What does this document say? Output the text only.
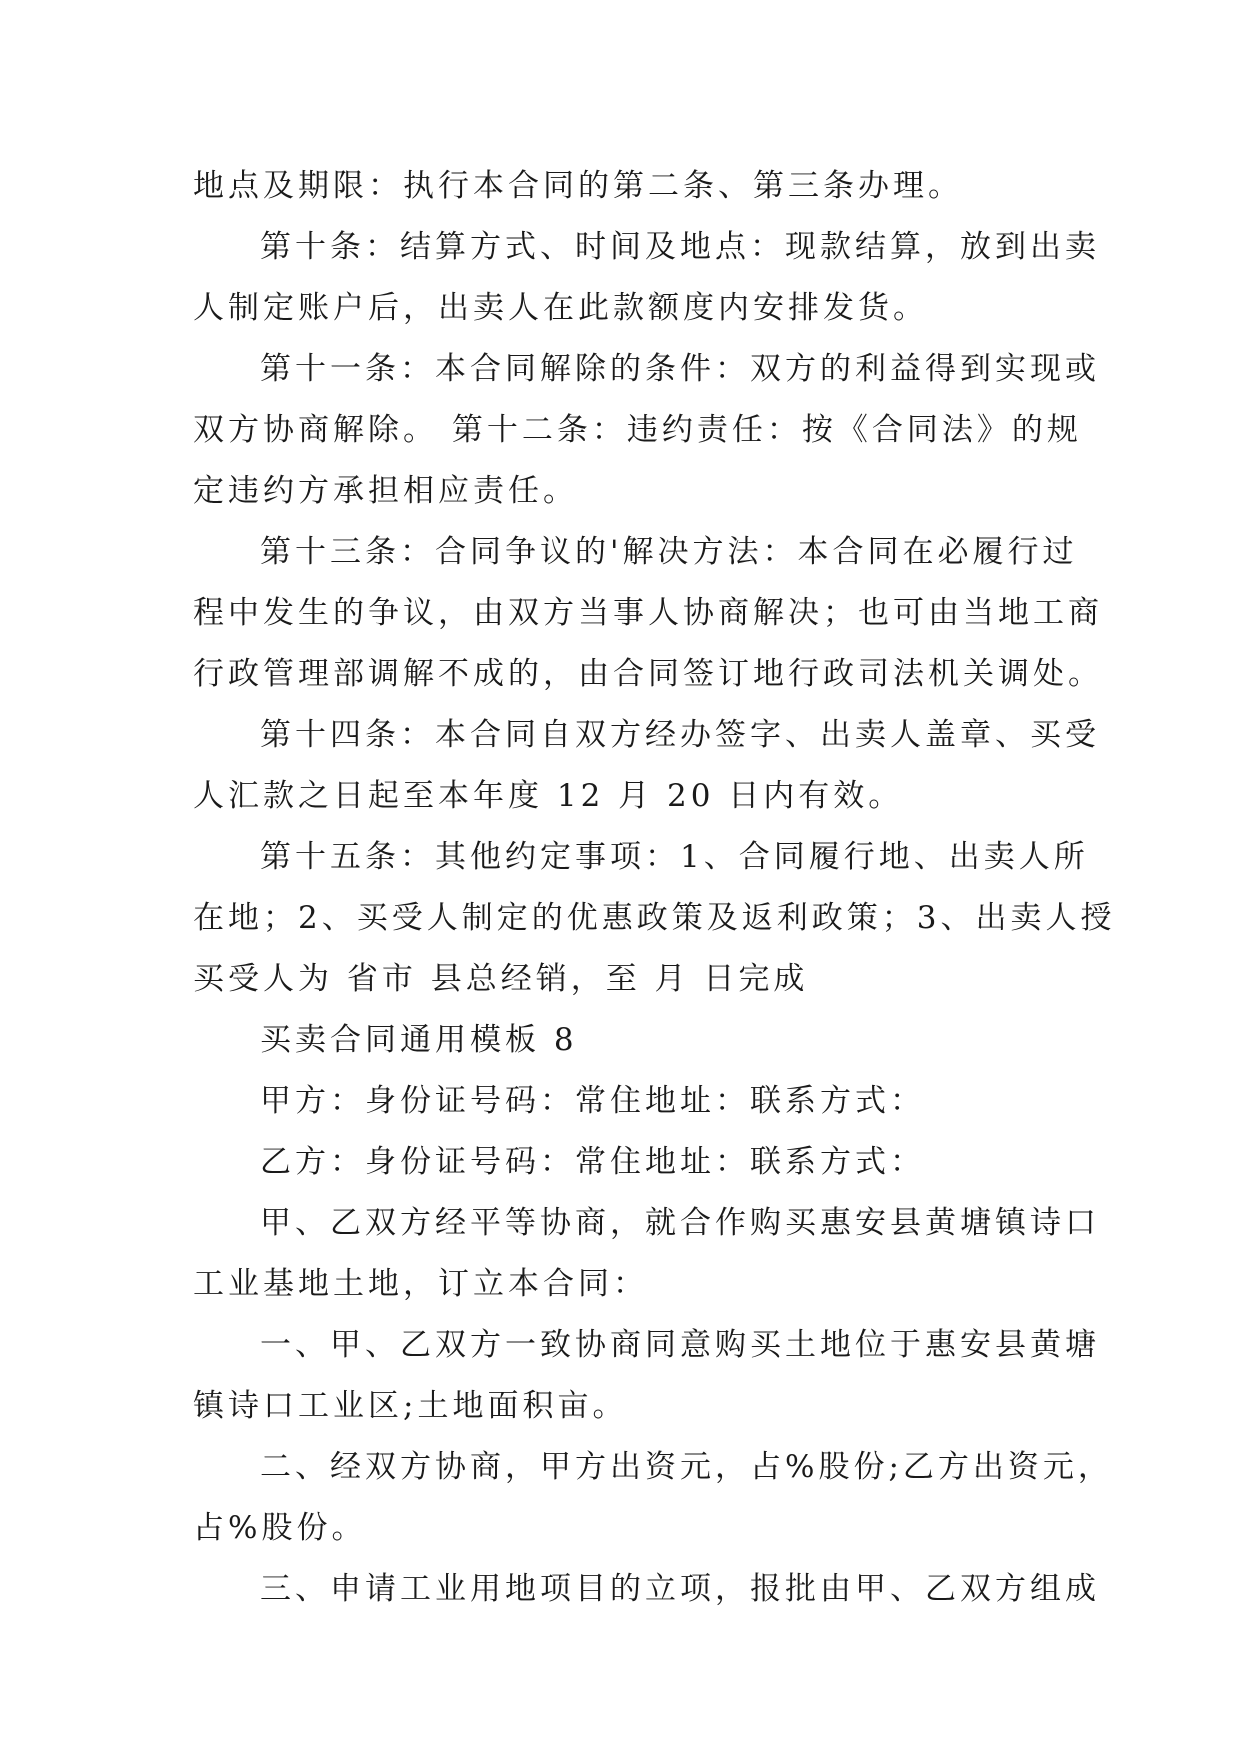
地点及期限：执行本合同的第二条、第三条办理。
第十条：结算方式、时间及地点：现款结算，放到出卖
人制定账户后，出卖人在此款额度内安排发货。
第十一条：本合同解除的条件：双方的利益得到实现或
双方协商解除。 第十二条：违约责任：按《合同法》的规
定违约方承担相应责任。
第十三条：合同争议的'解决方法：本合同在必履行过
程中发生的争议，由双方当事人协商解决；也可由当地工商
行政管理部调解不成的，由合同签订地行政司法机关调处。
第十四条：本合同自双方经办签字、出卖人盖章、买受
人汇款之日起至本年度 12 月 20 日内有效。
第十五条：其他约定事项：1、合同履行地、出卖人所
在地；2、买受人制定的优惠政策及返利政策；3、出卖人授
买受人为 省市 县总经销，至 月 日完成
买卖合同通用模板 8
甲方：身份证号码：常住地址：联系方式：
乙方：身份证号码：常住地址：联系方式：
甲、乙双方经平等协商，就合作购买惠安县黄塘镇诗口
工业基地土地，订立本合同：
一、甲、乙双方一致协商同意购买土地位于惠安县黄塘
镇诗口工业区;土地面积亩。
二、经双方协商，甲方出资元，占%股份;乙方出资元，
占%股份。
三、申请工业用地项目的立项，报批由甲、乙双方组成
